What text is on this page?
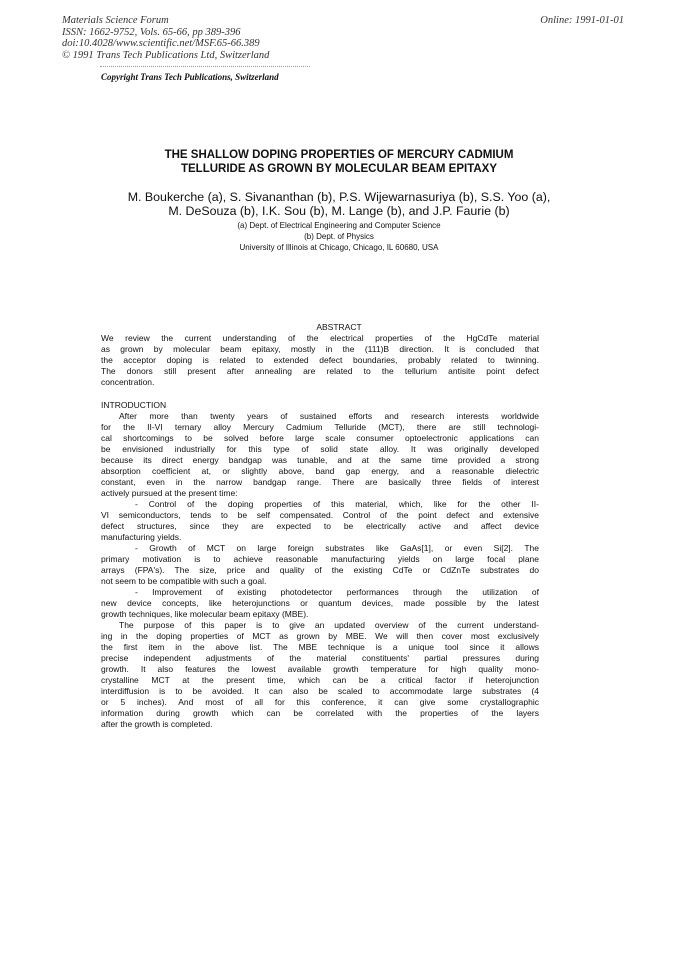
Materials Science Forum
ISSN: 1662-9752, Vols. 65-66, pp 389-396
doi:10.4028/www.scientific.net/MSF.65-66.389
© 1991 Trans Tech Publications Ltd, Switzerland
Online: 1991-01-01
Copyright Trans Tech Publications, Switzerland
THE SHALLOW DOPING PROPERTIES OF MERCURY CADMIUM
TELLURIDE AS GROWN BY MOLECULAR BEAM EPITAXY
M. Boukerche (a), S. Sivananthan (b), P.S. Wijewarnasuriya (b), S.S. Yoo (a),
M. DeSouza (b), I.K. Sou (b), M. Lange (b), and J.P. Faurie (b)
(a) Dept. of Electrical Engineering and Computer Science
(b) Dept. of Physics
University of Illinois at Chicago, Chicago, IL 60680, USA
ABSTRACT
We review the current understanding of the electrical properties of the HgCdTe material
as grown by molecular beam epitaxy, mostly in the (111)B direction. It is concluded that
the acceptor doping is related to extended defect boundaries, probably related to twinning.
The donors still present after annealing are related to the tellurium antisite point defect
concentration.
INTRODUCTION
After more than twenty years of sustained efforts and research interests worldwide
for the II-VI ternary alloy Mercury Cadmium Telluride (MCT), there are still technologi-
cal shortcomings to be solved before large scale consumer optoelectronic applications can
be envisioned industrially for this type of solid state alloy. It was originally developed
because its direct energy bandgap was tunable, and at the same time provided a strong
absorption coefficient at, or slightly above, band gap energy, and a reasonable dielectric
constant, even in the narrow bandgap range. There are basically three fields of interest
actively pursued at the present time:
- Control of the doping properties of this material, which, like for the other II-
VI semiconductors, tends to be self compensated. Control of the point defect and extensive
defect structures, since they are expected to be electrically active and affect device
manufacturing yields.
- Growth of MCT on large foreign substrates like GaAs[1], or even Si[2]. The
primary motivation is to achieve reasonable manufacturing yields on large focal plane
arrays (FPA's). The size, price and quality of the existing CdTe or CdZnTe substrates do
not seem to be compatible with such a goal.
- Improvement of existing photodetector performances through the utilization of
new device concepts, like heterojunctions or quantum devices, made possible by the latest
growth techniques, like molecular beam epitaxy (MBE).
The purpose of this paper is to give an updated overview of the current understand-
ing in the doping properties of MCT as grown by MBE. We will then cover most exclusively
the first item in the above list. The MBE technique is a unique tool since it allows
precise independent adjustments of the material constituents' partial pressures during
growth. It also features the lowest available growth temperature for high quality mono-
crystalline MCT at the present time, which can be a critical factor if heterojunction
interdiffusion is to be avoided. It can also be scaled to accommodate large substrates (4
or 5 inches). And most of all for this conference, it can give some crystallographic
information during growth which can be correlated with the properties of the layers
after the growth is completed.
